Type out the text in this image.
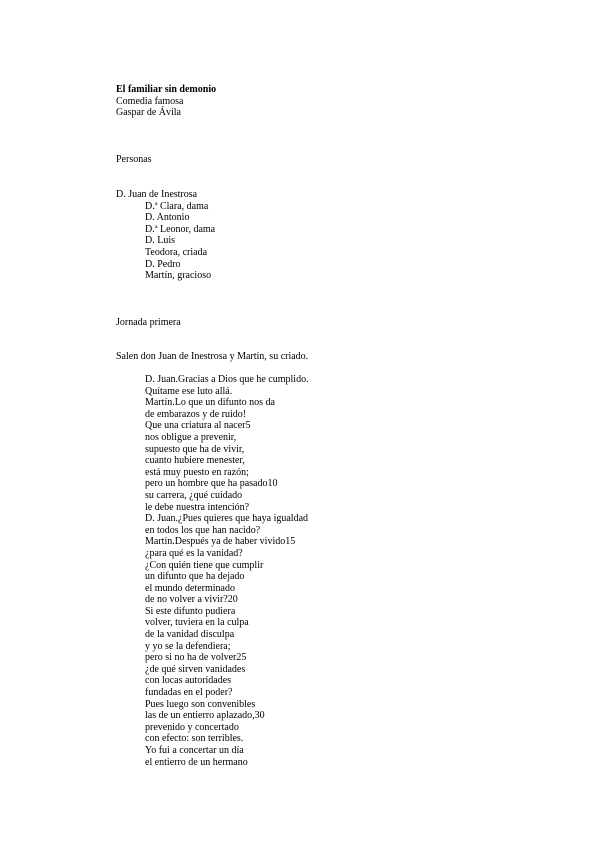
El familiar sin demonio
Comedia famosa
Gaspar de Ávila
Personas
D. Juan de Inestrosa
D.ª Clara, dama
D. Antonio
D.ª Leonor, dama
D. Luis
Teodora, criada
D. Pedro
Martín, gracioso
Jornada primera
Salen don Juan de Inestrosa y Martín, su criado.
D. Juan.Gracias a Dios que he cumplido.
Quítame ese luto allá.
Martín.Lo que un difunto nos da
de embarazos y de ruido!
Que una criatura al nacer5
nos obligue a prevenir,
supuesto que ha de vivir,
cuanto hubiere menester,
está muy puesto en razón;
pero un hombre que ha pasado10
su carrera, ¿qué cuidado
le debe nuestra intención?
D. Juan.¿Pues quieres que haya igualdad
en todos los que han nacido?
Martín.Después ya de haber vivido15
¿para qué es la vanidad?
¿Con quién tiene que cumplir
un difunto que ha dejado
el mundo determinado
de no volver a vivir?20
Si este difunto pudiera
volver, tuviera en la culpa
de la vanidad disculpa
y yo se la defendiera;
pero si no ha de volver25
¿de qué sirven vanidades
con locas autoridades
fundadas en el poder?
Pues luego son convenibles
las de un entierro aplazado,30
prevenido y concertado
con efecto: son terribles.
Yo fui a concertar un día
el entierro de un hermano
